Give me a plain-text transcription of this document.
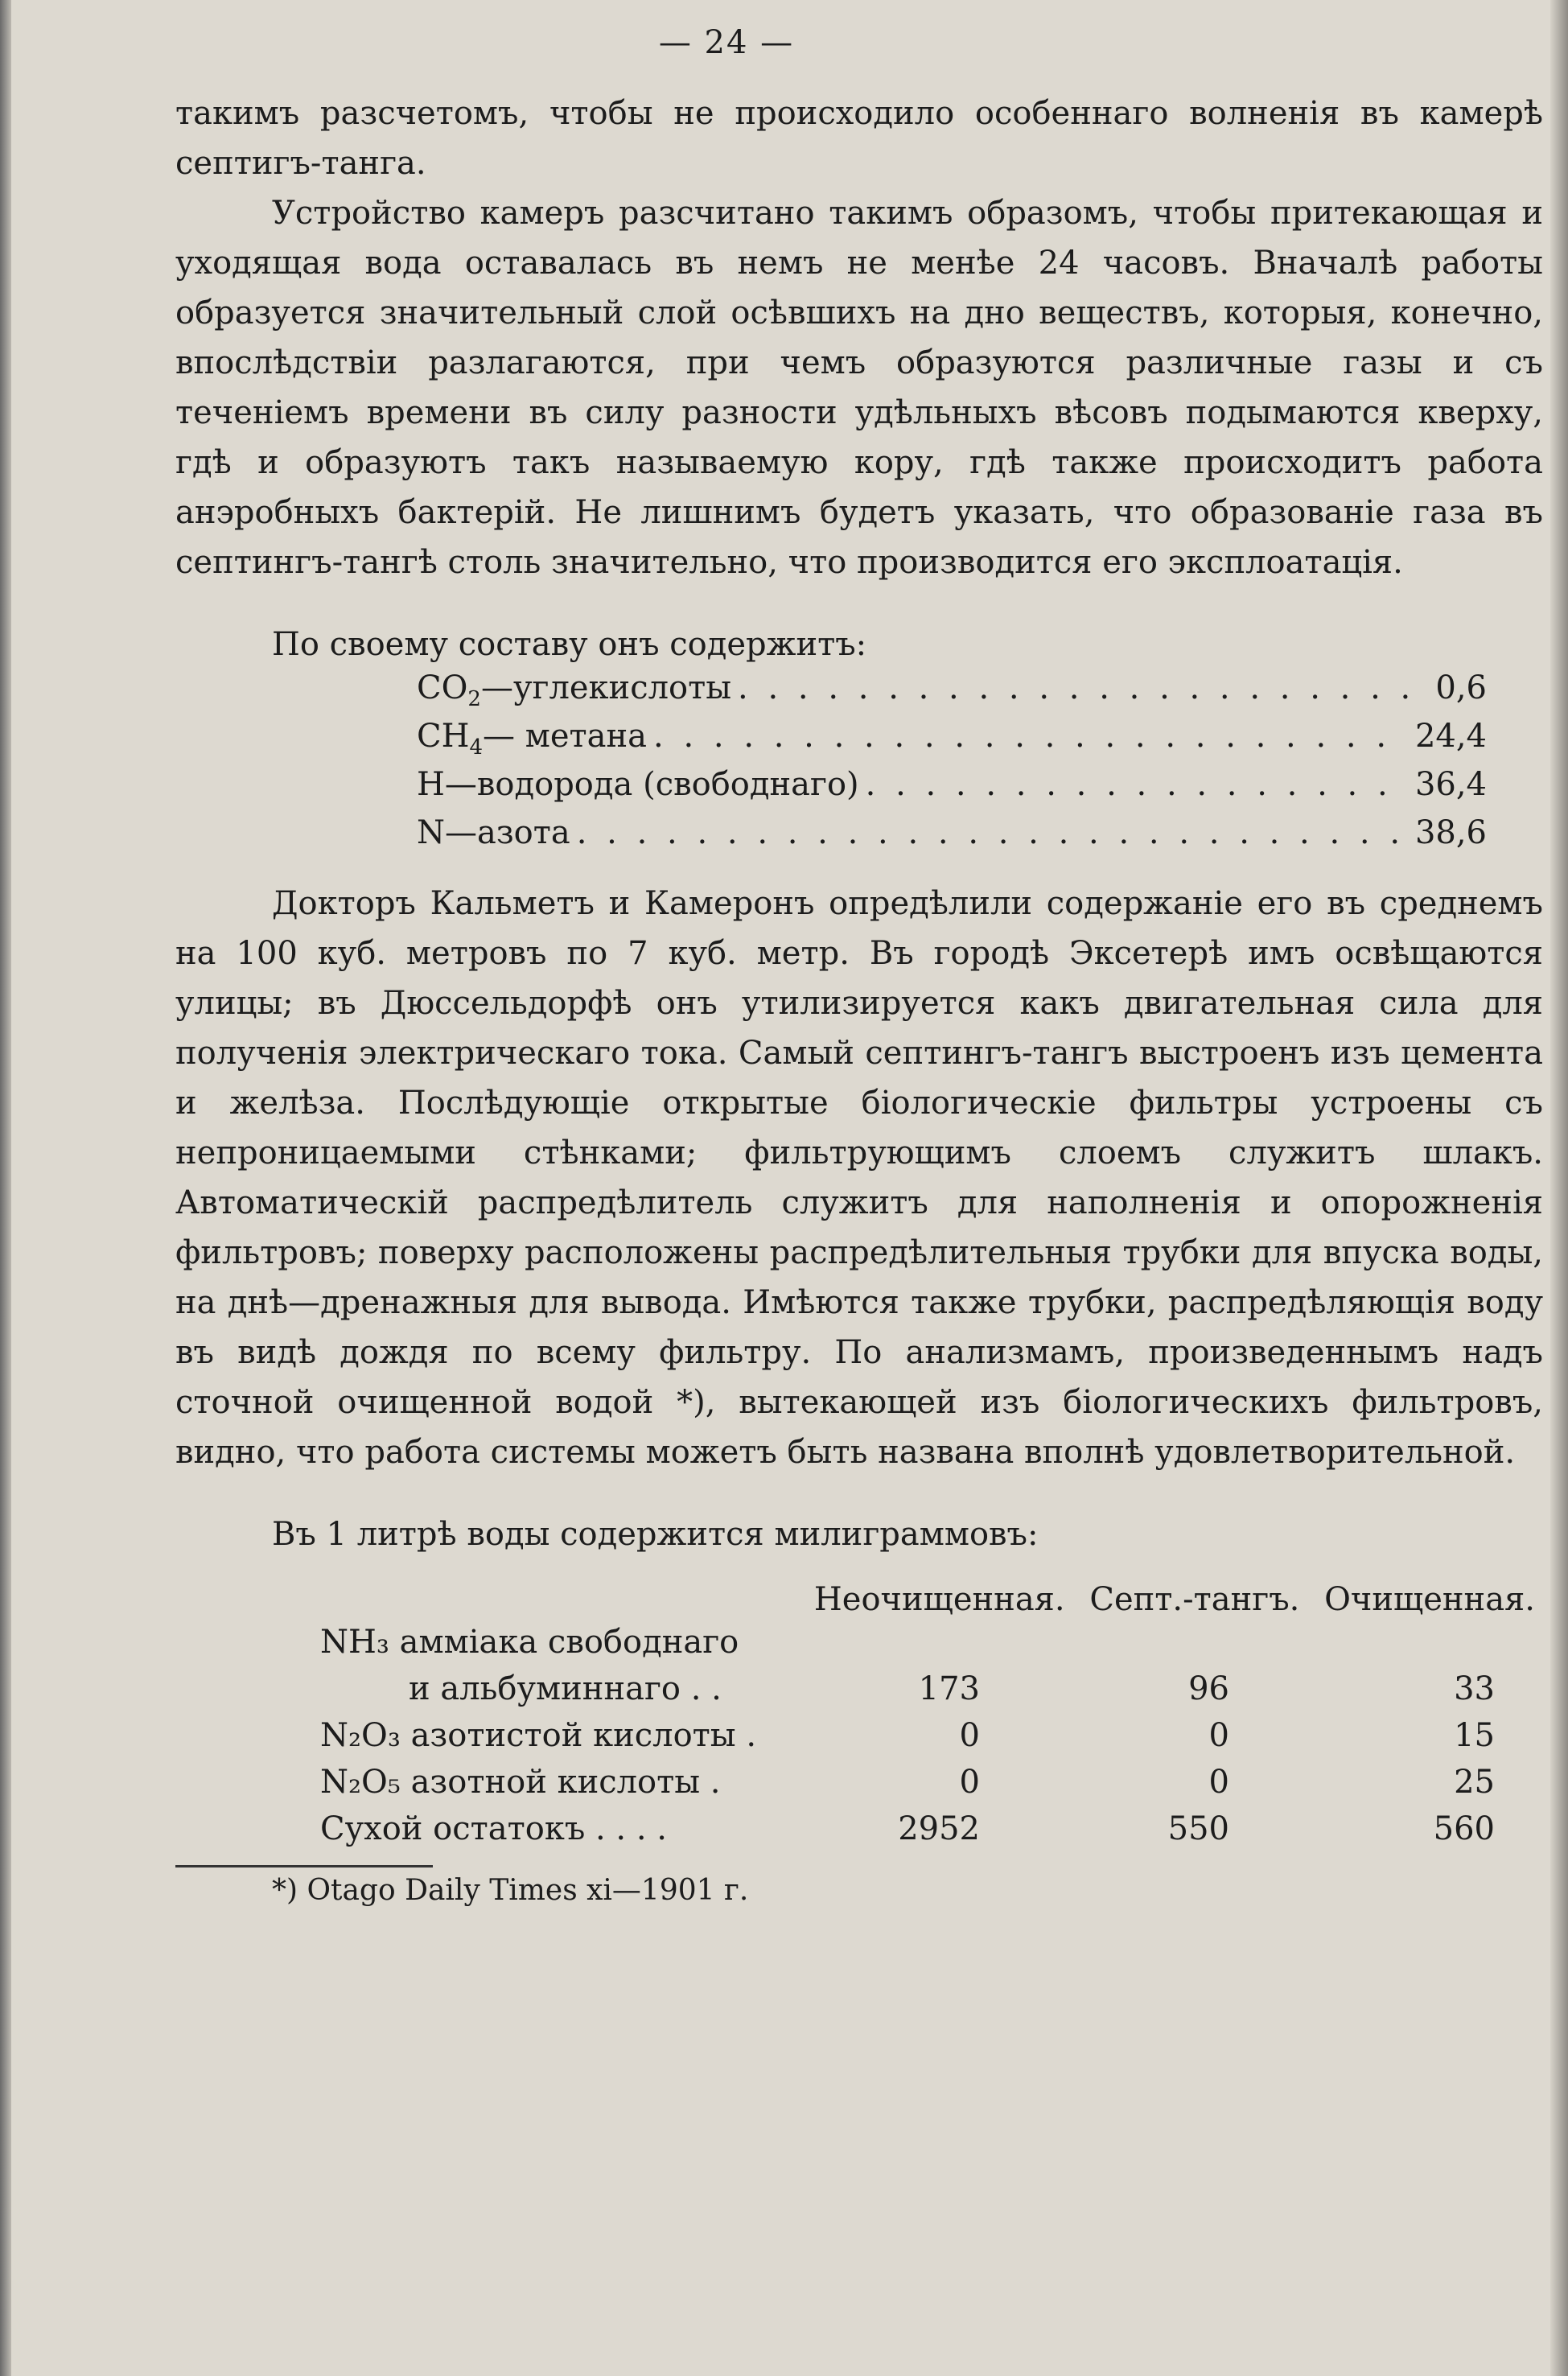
— 24 —

такимъ разсчетомъ, чтобы не происходило особеннаго волненія въ камерѣ септигъ-танга.

Устройство камеръ разсчитано такимъ образомъ, чтобы притекающая и уходящая вода оставалась въ немъ не менѣе 24 часовъ. Вначалѣ работы образуется значительный слой осѣвшихъ на дно веществъ, которыя, конечно, впослѣдствіи разлагаются, при чемъ образуются различные газы и съ теченіемъ времени въ силу разности удѣльныхъ вѣсовъ подымаются кверху, гдѣ и образуютъ такъ называемую кору, гдѣ также происходитъ работа анэробныхъ бактерій. Не лишнимъ будетъ указать, что образованіе газа въ септингъ-тангѣ столь значительно, что производится его эксплоатація.

По своему составу онъ содержитъ:
$CO_2—углекислоты$ . . .	0,6
$CH_4—$ метана . . .	24,4
H—водорода (свободнаго) . . .	36,4
N—азота . . .	38,6

Докторъ Кальметъ и Камеронъ опредѣлили содержаніе его въ среднемъ на 100 куб. метровъ по 7 куб. метр. Въ городѣ Эксетерѣ имъ освѣщаются улицы; въ Дюссельдорфѣ онъ утилизируется какъ двигательная сила для полученія электрическаго тока. Самый септингъ-тангъ выстроенъ изъ цемента и желѣза. Послѣдующіе открытые біологическіе фильтры устроены съ непроницаемыми стѣнками; фильтрующимъ слоемъ служитъ шлакъ. Автоматическій распредѣлитель служитъ для наполненія и опорожненія фильтровъ; поверху расположены распредѣлительныя трубки для впуска воды, на днѣ—дренажныя для вывода. Имѣются также трубки, распредѣляющія воду въ видѣ дождя по всему фильтру. По анализмамъ, произведеннымъ надъ сточной очищенной водой *), вытекающей изъ біологическихъ фильтровъ, видно, что работа системы можетъ быть названа вполнѣ удовлетворительной.

Въ 1 литрѣ воды содержится милиграммовъ:
Неочищенная. Септ.-тангъ. Очищенная.
NH₃ амміака свободнаго
и альбуминнаго . .	173	96	33
N₂O₃ азотистой кислоты .	0	0	15
N₂O₅ азотной кислоты .	0	0	25
Сухой остатокъ . . . .	2952	550	560
*) Otago Daily Times xi—1901 г.
